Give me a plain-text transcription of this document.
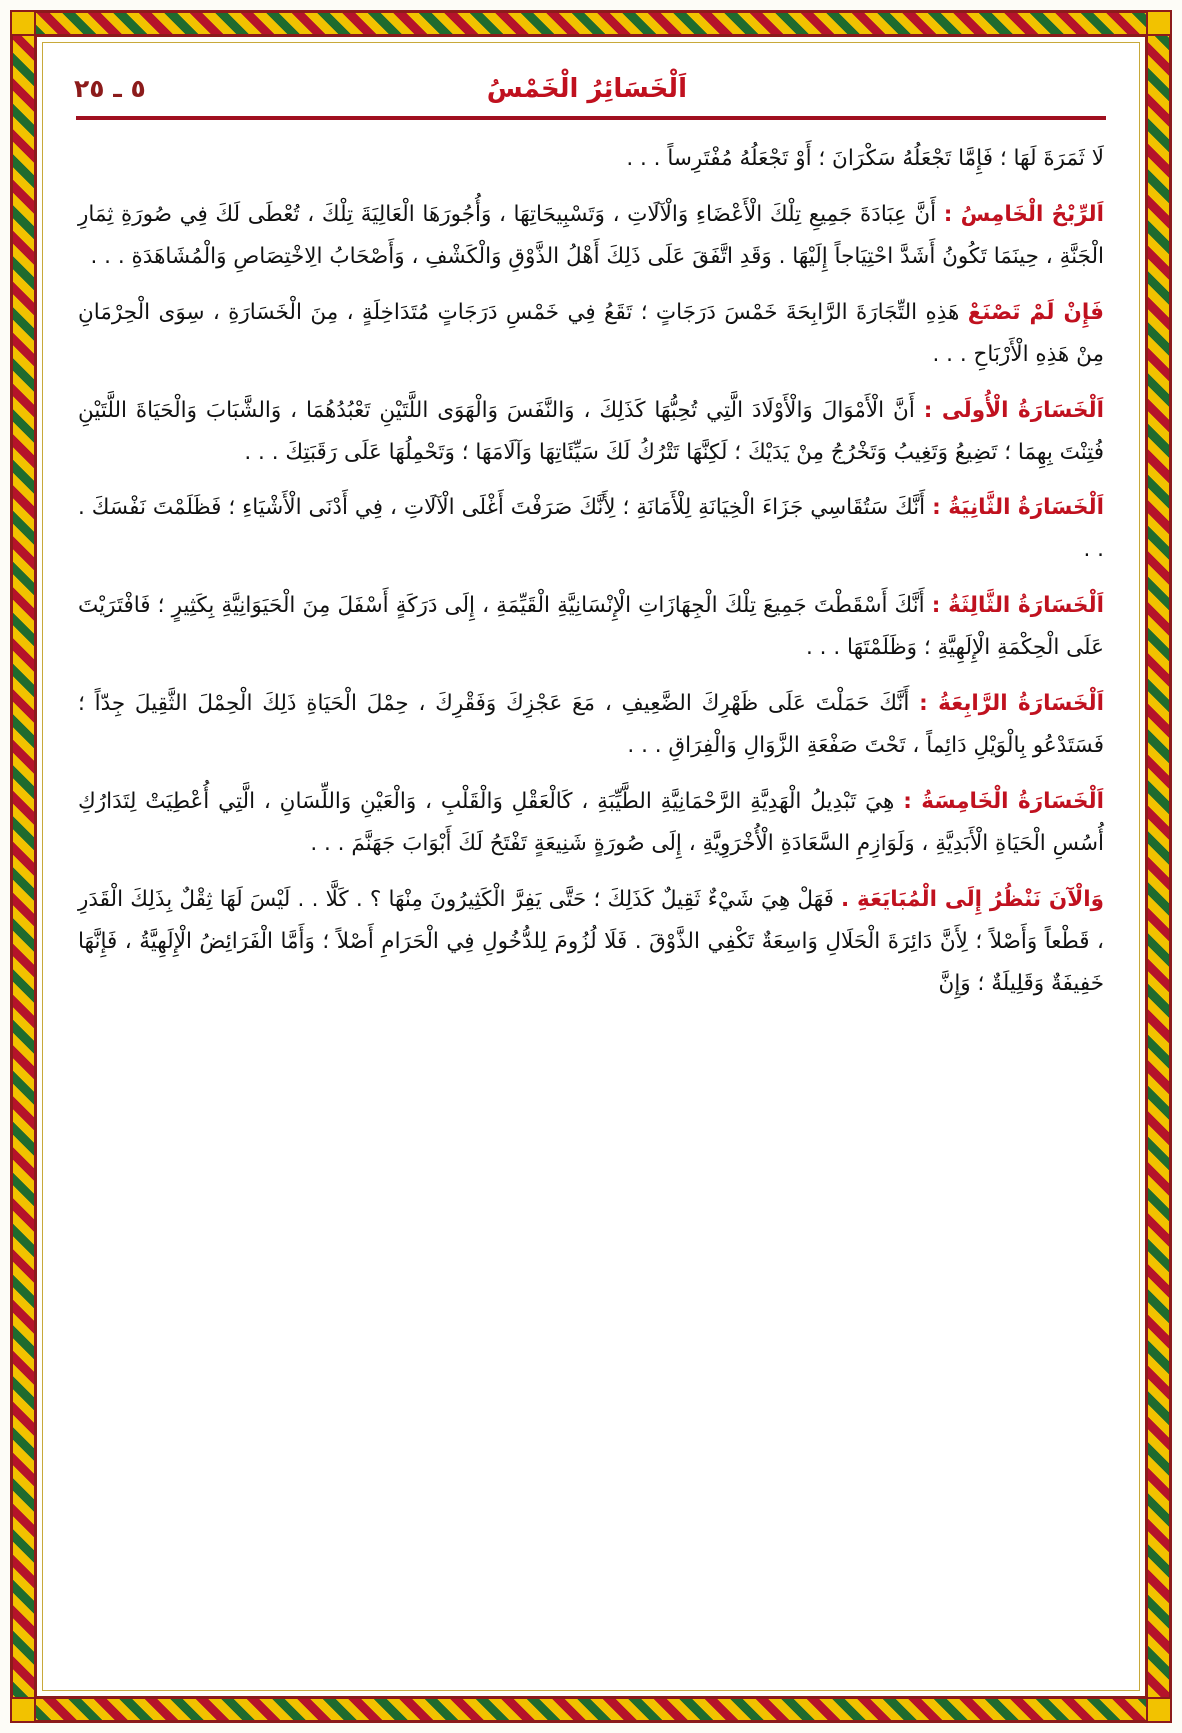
اَلْخَسَائِرُ الْخَمْسُ
٥ ـ ٢٥

لَا ثَمَرَةَ لَهَا ؛ فَإِمَّا تَجْعَلُهُ سَكْرَانَ ؛ أَوْ تَجْعَلُهُ مُفْتَرِساً . . .

اَلرِّبْحُ الْخَامِسُ : أَنَّ عِبَادَةَ جَمِيعِ تِلْكَ الْأَعْضَاءِ وَالْآلَاتِ ، وَتَسْبِيحَاتِهَا ، وَأُجُورَهَا الْعَالِيَةَ تِلْكَ ، تُعْطَى لَكَ فِي صُورَةِ ثِمَارِ الْجَنَّةِ ، حِينَمَا تَكُونُ أَشَدَّ احْتِيَاجاً إِلَيْهَا . وَقَدِ اتَّفَقَ عَلَى ذَلِكَ أَهْلُ الذَّوْقِ وَالْكَشْفِ ، وَأَصْحَابُ الِاخْتِصَاصِ وَالْمُشَاهَدَةِ . . .

فَإِنْ لَمْ تَصْنَعْ هَذِهِ التِّجَارَةَ الرَّابِحَةَ خَمْسَ دَرَجَاتٍ ؛ تَقَعُ فِي خَمْسِ دَرَجَاتٍ مُتَدَاخِلَةٍ ، مِنَ الْخَسَارَةِ ، سِوَى الْحِرْمَانِ مِنْ هَذِهِ الْأَرْبَاحِ . . .

اَلْخَسَارَةُ الْأُولَى : أَنَّ الْأَمْوَالَ وَالْأَوْلَادَ الَّتِي تُحِبُّهَا كَذَلِكَ ، وَالنَّفَسَ وَالْهَوَى اللَّتَيْنِ تَعْبُدُهُمَا ، وَالشَّبَابَ وَالْحَيَاةَ اللَّتَيْنِ فُتِنْتَ بِهِمَا ؛ تَضِيعُ وَتَغِيبُ وَتَخْرُجُ مِنْ يَدَيْكَ ؛ لَكِنَّهَا تَتْرُكُ لَكَ سَيِّئَاتِهَا وَآلَامَهَا ؛ وَتَحْمِلُهَا عَلَى رَقَبَتِكَ . . .

اَلْخَسَارَةُ الثَّانِيَةُ : أَنَّكَ سَتُقَاسِي جَزَاءَ الْخِيَانَةِ لِلْأَمَانَةِ ؛ لِأَنَّكَ صَرَفْتَ أَغْلَى الْآلَاتِ ، فِي أَدْنَى الْأَشْيَاءِ ؛ فَظَلَمْتَ نَفْسَكَ . . .

اَلْخَسَارَةُ الثَّالِثَةُ : أَنَّكَ أَسْقَطْتَ جَمِيعَ تِلْكَ الْجِهَازَاتِ الْإِنْسَانِيَّةِ الْقَيِّمَةِ ، إِلَى دَرَكَةٍ أَسْفَلَ مِنَ الْحَيَوَانِيَّةِ بِكَثِيرٍ ؛ فَافْتَرَيْتَ عَلَى الْحِكْمَةِ الْإِلَهِيَّةِ ؛ وَظَلَمْتَهَا . . .

اَلْخَسَارَةُ الرَّابِعَةُ : أَنَّكَ حَمَلْتَ عَلَى ظَهْرِكَ الضَّعِيفِ ، مَعَ عَجْزِكَ وَفَقْرِكَ ، حِمْلَ الْحَيَاةِ ذَلِكَ الْحِمْلَ الثَّقِيلَ جِدّاً ؛ فَسَتَدْعُو بِالْوَيْلِ دَائِماً ، تَحْتَ صَفْعَةِ الزَّوَالِ وَالْفِرَاقِ . . .

اَلْخَسَارَةُ الْخَامِسَةُ : هِيَ تَبْدِيلُ الْهَدِيَّةِ الرَّحْمَانِيَّةِ الطَّيِّبَةِ ، كَالْعَقْلِ وَالْقَلْبِ ، وَالْعَيْنِ وَاللِّسَانِ ، الَّتِي أُعْطِيَتْ لِتَدَارُكِ أُسُسِ الْحَيَاةِ الْأَبَدِيَّةِ ، وَلَوَازِمِ السَّعَادَةِ الْأُخْرَوِيَّةِ ، إِلَى صُورَةٍ شَنِيعَةٍ تَفْتَحُ لَكَ أَبْوَابَ جَهَنَّمَ . . .

وَالْآنَ نَنْظُرُ إِلَى الْمُبَايَعَةِ . فَهَلْ هِيَ شَيْءٌ ثَقِيلٌ كَذَلِكَ ؛ حَتَّى يَفِرَّ الْكَثِيرُونَ مِنْهَا ؟ . كَلَّا . . لَيْسَ لَهَا ثِقْلٌ بِذَلِكَ الْقَدَرِ ، قَطْعاً وَأَصْلاً ؛ لِأَنَّ دَائِرَةَ الْحَلَالِ وَاسِعَةٌ تَكْفِي الذَّوْقَ . فَلَا لُزُومَ لِلدُّخُولِ فِي الْحَرَامِ أَصْلاً ؛ وَأَمَّا الْفَرَائِضُ الْإِلَهِيَّةُ ، فَإِنَّهَا خَفِيفَةٌ وَقَلِيلَةٌ ؛ وَإِنَّ
